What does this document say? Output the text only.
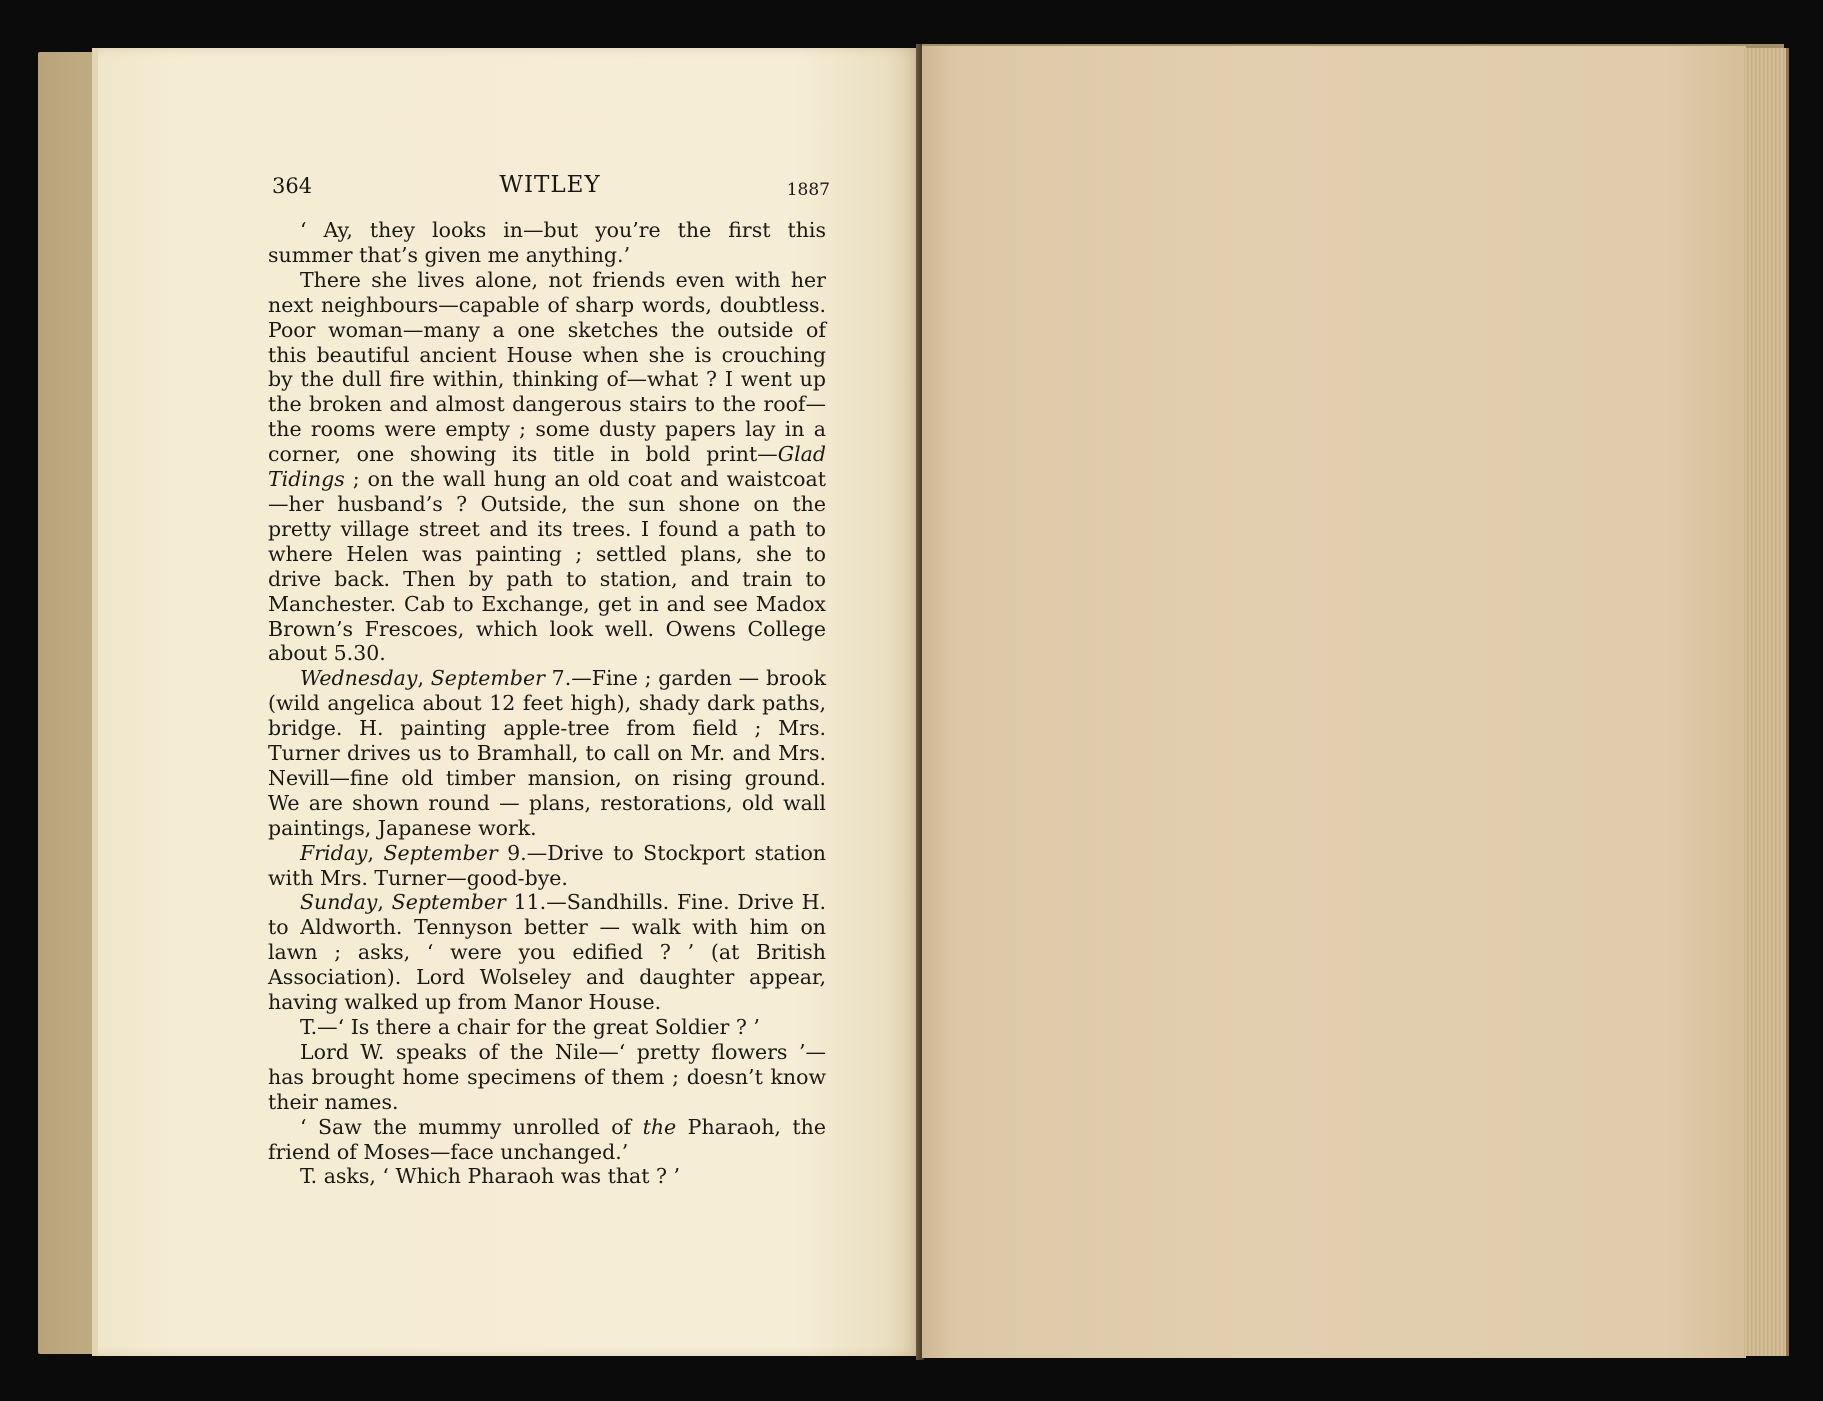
364	WITLEY	1887

‘ Ay, they looks in—but you’re the first this summer that’s given me anything.’

There she lives alone, not friends even with her next neighbours—capable of sharp words, doubtless. Poor woman—many a one sketches the outside of this beautiful ancient House when she is crouching by the dull fire within, thinking of—what ? I went up the broken and almost dangerous stairs to the roof—the rooms were empty ; some dusty papers lay in a corner, one showing its title in bold print—Glad Tidings ; on the wall hung an old coat and waistcoat—her husband’s ? Outside, the sun shone on the pretty village street and its trees. I found a path to where Helen was painting ; settled plans, she to drive back. Then by path to station, and train to Manchester. Cab to Exchange, get in and see Madox Brown’s Frescoes, which look well. Owens College about 5.30.

Wednesday, September 7.—Fine ; garden — brook (wild angelica about 12 feet high), shady dark paths, bridge. H. painting apple-tree from field ; Mrs. Turner drives us to Bramhall, to call on Mr. and Mrs. Nevill—fine old timber mansion, on rising ground. We are shown round — plans, restorations, old wall paintings, Japanese work.

Friday, September 9.—Drive to Stockport station with Mrs. Turner—good-bye.

Sunday, September 11.—Sandhills. Fine. Drive H. to Aldworth. Tennyson better — walk with him on lawn ; asks, ‘ were you edified ? ’ (at British Association). Lord Wolseley and daughter appear, having walked up from Manor House.

T.—‘ Is there a chair for the great Soldier ? ’

Lord W. speaks of the Nile—‘ pretty flowers ’— has brought home specimens of them ; doesn’t know their names.

‘ Saw the mummy unrolled of the Pharaoh, the friend of Moses—face unchanged.’

T. asks, ‘ Which Pharaoh was that ? ’
